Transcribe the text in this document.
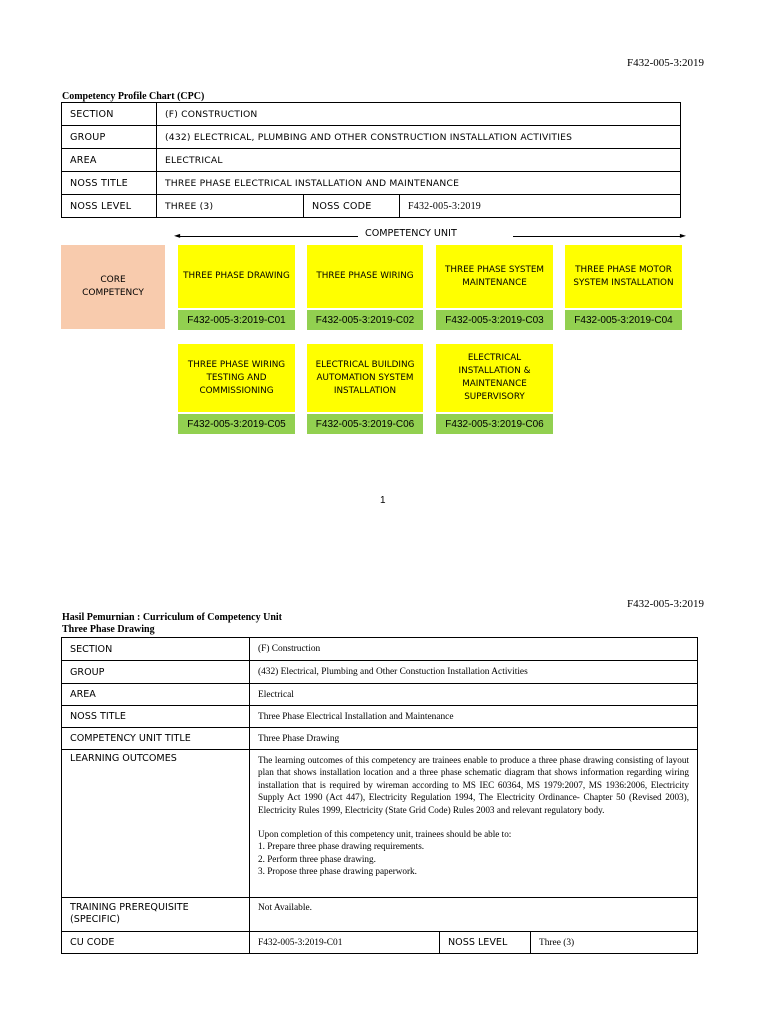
F432-005-3:2019
Competency Profile Chart (CPC)
SECTION	(F) CONSTRUCTION		
GROUP	(432) ELECTRICAL, PLUMBING AND OTHER CONSTRUCTION INSTALLATION ACTIVITIES		
AREA	ELECTRICAL		
NOSS TITLE	THREE PHASE ELECTRICAL INSTALLATION AND MAINTENANCE		
NOSS LEVEL	THREE (3)	NOSS CODE	F432-005-3:2019
◄	COMPETENCY UNIT	►
CORE COMPETENCY
THREE PHASE DRAWING
F432-005-3:2019-C01
THREE PHASE WIRING
F432-005-3:2019-C02
THREE PHASE SYSTEM MAINTENANCE
F432-005-3:2019-C03
THREE PHASE MOTOR SYSTEM INSTALLATION
F432-005-3:2019-C04
THREE PHASE WIRING TESTING AND COMMISSIONING
F432-005-3:2019-C05
ELECTRICAL BUILDING AUTOMATION SYSTEM INSTALLATION
F432-005-3:2019-C06
ELECTRICAL INSTALLATION & MAINTENANCE SUPERVISORY
F432-005-3:2019-C06
1
F432-005-3:2019
Hasil Pemurnian : Curriculum of Competency Unit
Three Phase Drawing
SECTION	(F) Construction		
GROUP	(432) Electrical, Plumbing and Other Constuction Installation Activities		
AREA	Electrical		
NOSS TITLE	Three Phase Electrical Installation and Maintenance		
COMPETENCY UNIT TITLE	Three Phase Drawing		
LEARNING OUTCOMES	The learning outcomes of this competency are trainees enable to produce a three phase drawing consisting of layout plan that shows installation location and a three phase schematic diagram that shows information regarding wiring installation that is required by wireman according to MS IEC 60364, MS 1979:2007, MS 1936:2006, Electricity Supply Act 1990 (Act 447), Electricity Regulation 1994, The Electricity Ordinance- Chapter 50 (Revised 2003), Electricity Rules 1999, Electricity (State Grid Code) Rules 2003 and relevant regulatory body.

Upon completion of this competency unit, trainees should be able to:

1. Prepare three phase drawing requirements.

2. Perform three phase drawing.

3. Propose three phase drawing paperwork.		

TRAINING PREREQUISITE (SPECIFIC)	Not Available.		
CU CODE	F432-005-3:2019-C01	NOSS LEVEL	Three (3)
